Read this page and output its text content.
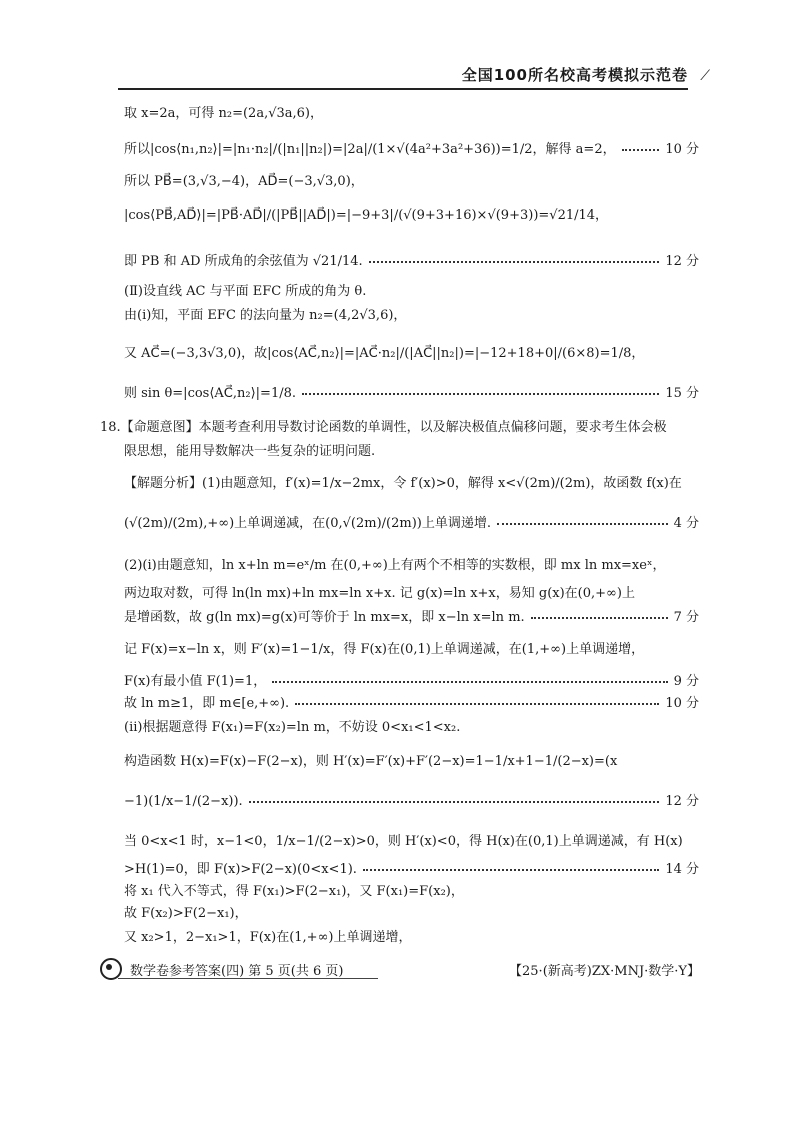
全国100所名校高考模拟示范卷 ⟋
取 x=2a，可得 n₂=(2a,√3a,6)，
所以|cos⟨n₁,n₂⟩|=|n₁·n₂|/(|n₁||n₂|)=|2a|/(1×√(4a²+3a²+36))=1/2，解得 a=2，	10 分
所以 PB⃗=(3,√3,−4)，AD⃗=(−3,√3,0)，
|cos⟨PB⃗,AD⃗⟩|=|PB⃗·AD⃗|/(|PB⃗||AD⃗|)=|−9+3|/(√(9+3+16)×√(9+3))=√21/14，
即 PB 和 AD 所成角的余弦值为 √21/14.	12 分
(Ⅱ)设直线 AC 与平面 EFC 所成的角为 θ.
由(ⅰ)知，平面 EFC 的法向量为 n₂=(4,2√3,6)，
又 AC⃗=(−3,3√3,0)，故|cos⟨AC⃗,n₂⟩|=|AC⃗·n₂|/(|AC⃗||n₂|)=|−12+18+0|/(6×8)=1/8，
则 sin θ=|cos⟨AC⃗,n₂⟩|=1/8.	15 分
18.【命题意图】本题考查利用导数讨论函数的单调性，以及解决极值点偏移问题，要求考生体会极
限思想，能用导数解决一些复杂的证明问题.
【解题分析】(1)由题意知，f′(x)=1/x−2mx，令 f′(x)>0，解得 x<√(2m)/(2m)，故函数 f(x)在
(√(2m)/(2m),+∞)上单调递减，在(0,√(2m)/(2m))上单调递增.	4 分
(2)(ⅰ)由题意知，ln x+ln m=eˣ/m 在(0,+∞)上有两个不相等的实数根，即 mx ln mx=xeˣ，
两边取对数，可得 ln(ln mx)+ln mx=ln x+x. 记 g(x)=ln x+x，易知 g(x)在(0,+∞)上
是增函数，故 g(ln mx)=g(x)可等价于 ln mx=x，即 x−ln x=ln m.	7 分
记 F(x)=x−ln x，则 F′(x)=1−1/x，得 F(x)在(0,1)上单调递减，在(1,+∞)上单调递增，
F(x)有最小值 F(1)=1，	9 分
故 ln m≥1，即 m∈[e,+∞).	10 分
(ⅱ)根据题意得 F(x₁)=F(x₂)=ln m，不妨设 0<x₁<1<x₂.
构造函数 H(x)=F(x)−F(2−x)，则 H′(x)=F′(x)+F′(2−x)=1−1/x+1−1/(2−x)=(x
−1)(1/x−1/(2−x)).	12 分
当 0<x<1 时，x−1<0，1/x−1/(2−x)>0，则 H′(x)<0，得 H(x)在(0,1)上单调递减，有 H(x)
>H(1)=0，即 F(x)>F(2−x)(0<x<1).	14 分
将 x₁ 代入不等式，得 F(x₁)>F(2−x₁)，又 F(x₁)=F(x₂)，
故 F(x₂)>F(2−x₁)，
又 x₂>1，2−x₁>1，F(x)在(1,+∞)上单调递增，
数学卷参考答案(四) 第 5 页(共 6 页)	【25·(新高考)ZX·MNJ·数学·Y】
